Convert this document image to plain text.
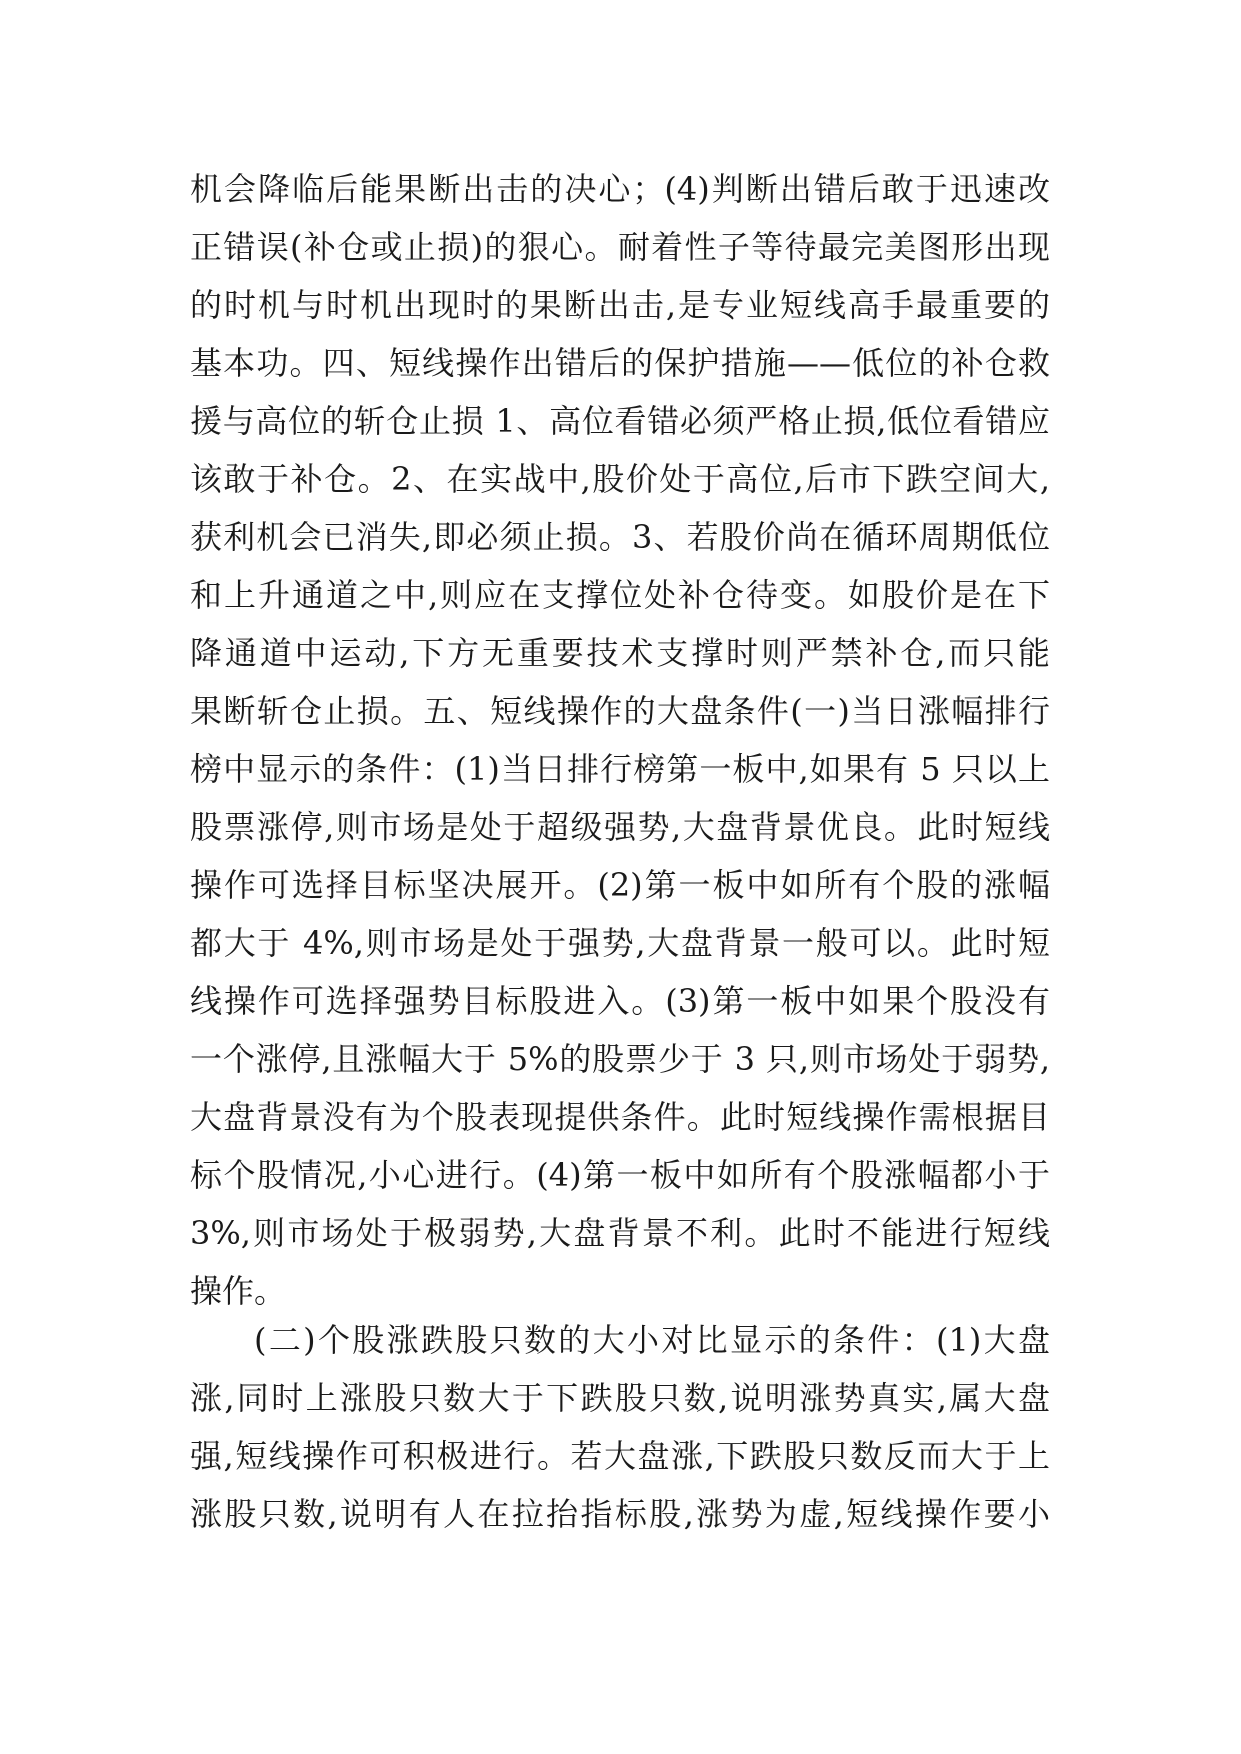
机会降临后能果断出击的决心；(4)判断出错后敢于迅速改
正错误(补仓或止损)的狠心。耐着性子等待最完美图形出现
的时机与时机出现时的果断出击,是专业短线高手最重要的
基本功。四、短线操作出错后的保护措施——低位的补仓救
援与高位的斩仓止损 1、高位看错必须严格止损,低位看错应
该敢于补仓。2、在实战中,股价处于高位,后市下跌空间大,
获利机会已消失,即必须止损。3、若股价尚在循环周期低位
和上升通道之中,则应在支撑位处补仓待变。如股价是在下
降通道中运动,下方无重要技术支撑时则严禁补仓,而只能
果断斩仓止损。五、短线操作的大盘条件(一)当日涨幅排行
榜中显示的条件：(1)当日排行榜第一板中,如果有 5 只以上
股票涨停,则市场是处于超级强势,大盘背景优良。此时短线
操作可选择目标坚决展开。(2)第一板中如所有个股的涨幅
都大于 4%,则市场是处于强势,大盘背景一般可以。此时短
线操作可选择强势目标股进入。(3)第一板中如果个股没有
一个涨停,且涨幅大于 5%的股票少于 3 只,则市场处于弱势,
大盘背景没有为个股表现提供条件。此时短线操作需根据目
标个股情况,小心进行。(4)第一板中如所有个股涨幅都小于
3%,则市场处于极弱势,大盘背景不利。此时不能进行短线
操作。
(二)个股涨跌股只数的大小对比显示的条件：(1)大盘
涨,同时上涨股只数大于下跌股只数,说明涨势真实,属大盘
强,短线操作可积极进行。若大盘涨,下跌股只数反而大于上
涨股只数,说明有人在拉抬指标股,涨势为虚,短线操作要小
